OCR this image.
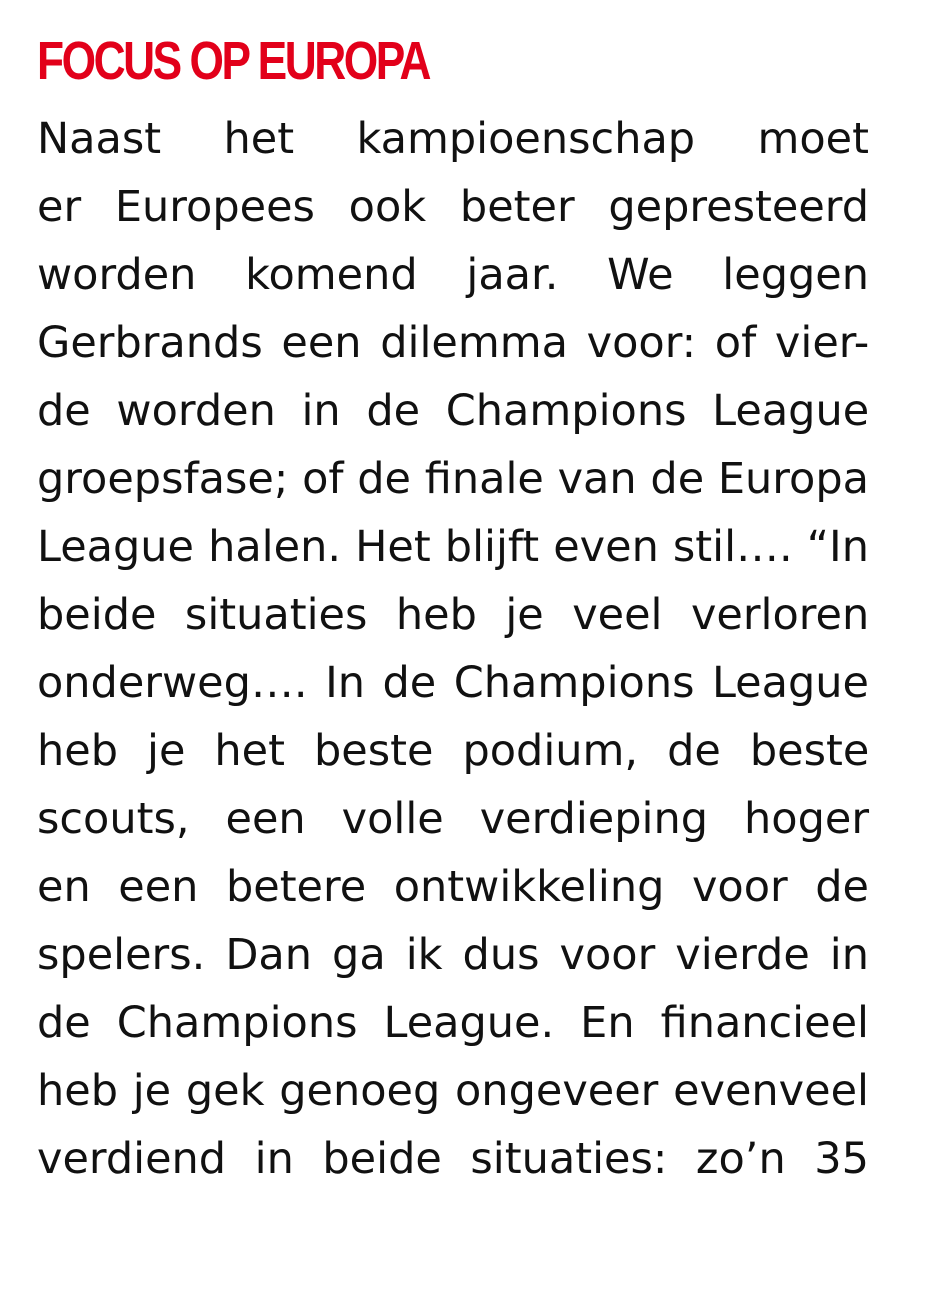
FOCUS OP EUROPA
Naast het kampioenschap moet
er Europees ook beter gepresteerd
worden komend jaar. We leggen
Gerbrands een dilemma voor: of vier-
de worden in de Champions League
groepsfase; of de finale van de Europa
League halen. Het blijft even stil…. “In
beide situaties heb je veel verloren
onderweg…. In de Champions League
heb je het beste podium, de beste
scouts, een volle verdieping hoger
en een betere ontwikkeling voor de
spelers. Dan ga ik dus voor vierde in
de Champions League. En financieel
heb je gek genoeg ongeveer evenveel
verdiend in beide situaties: zo’n 35
